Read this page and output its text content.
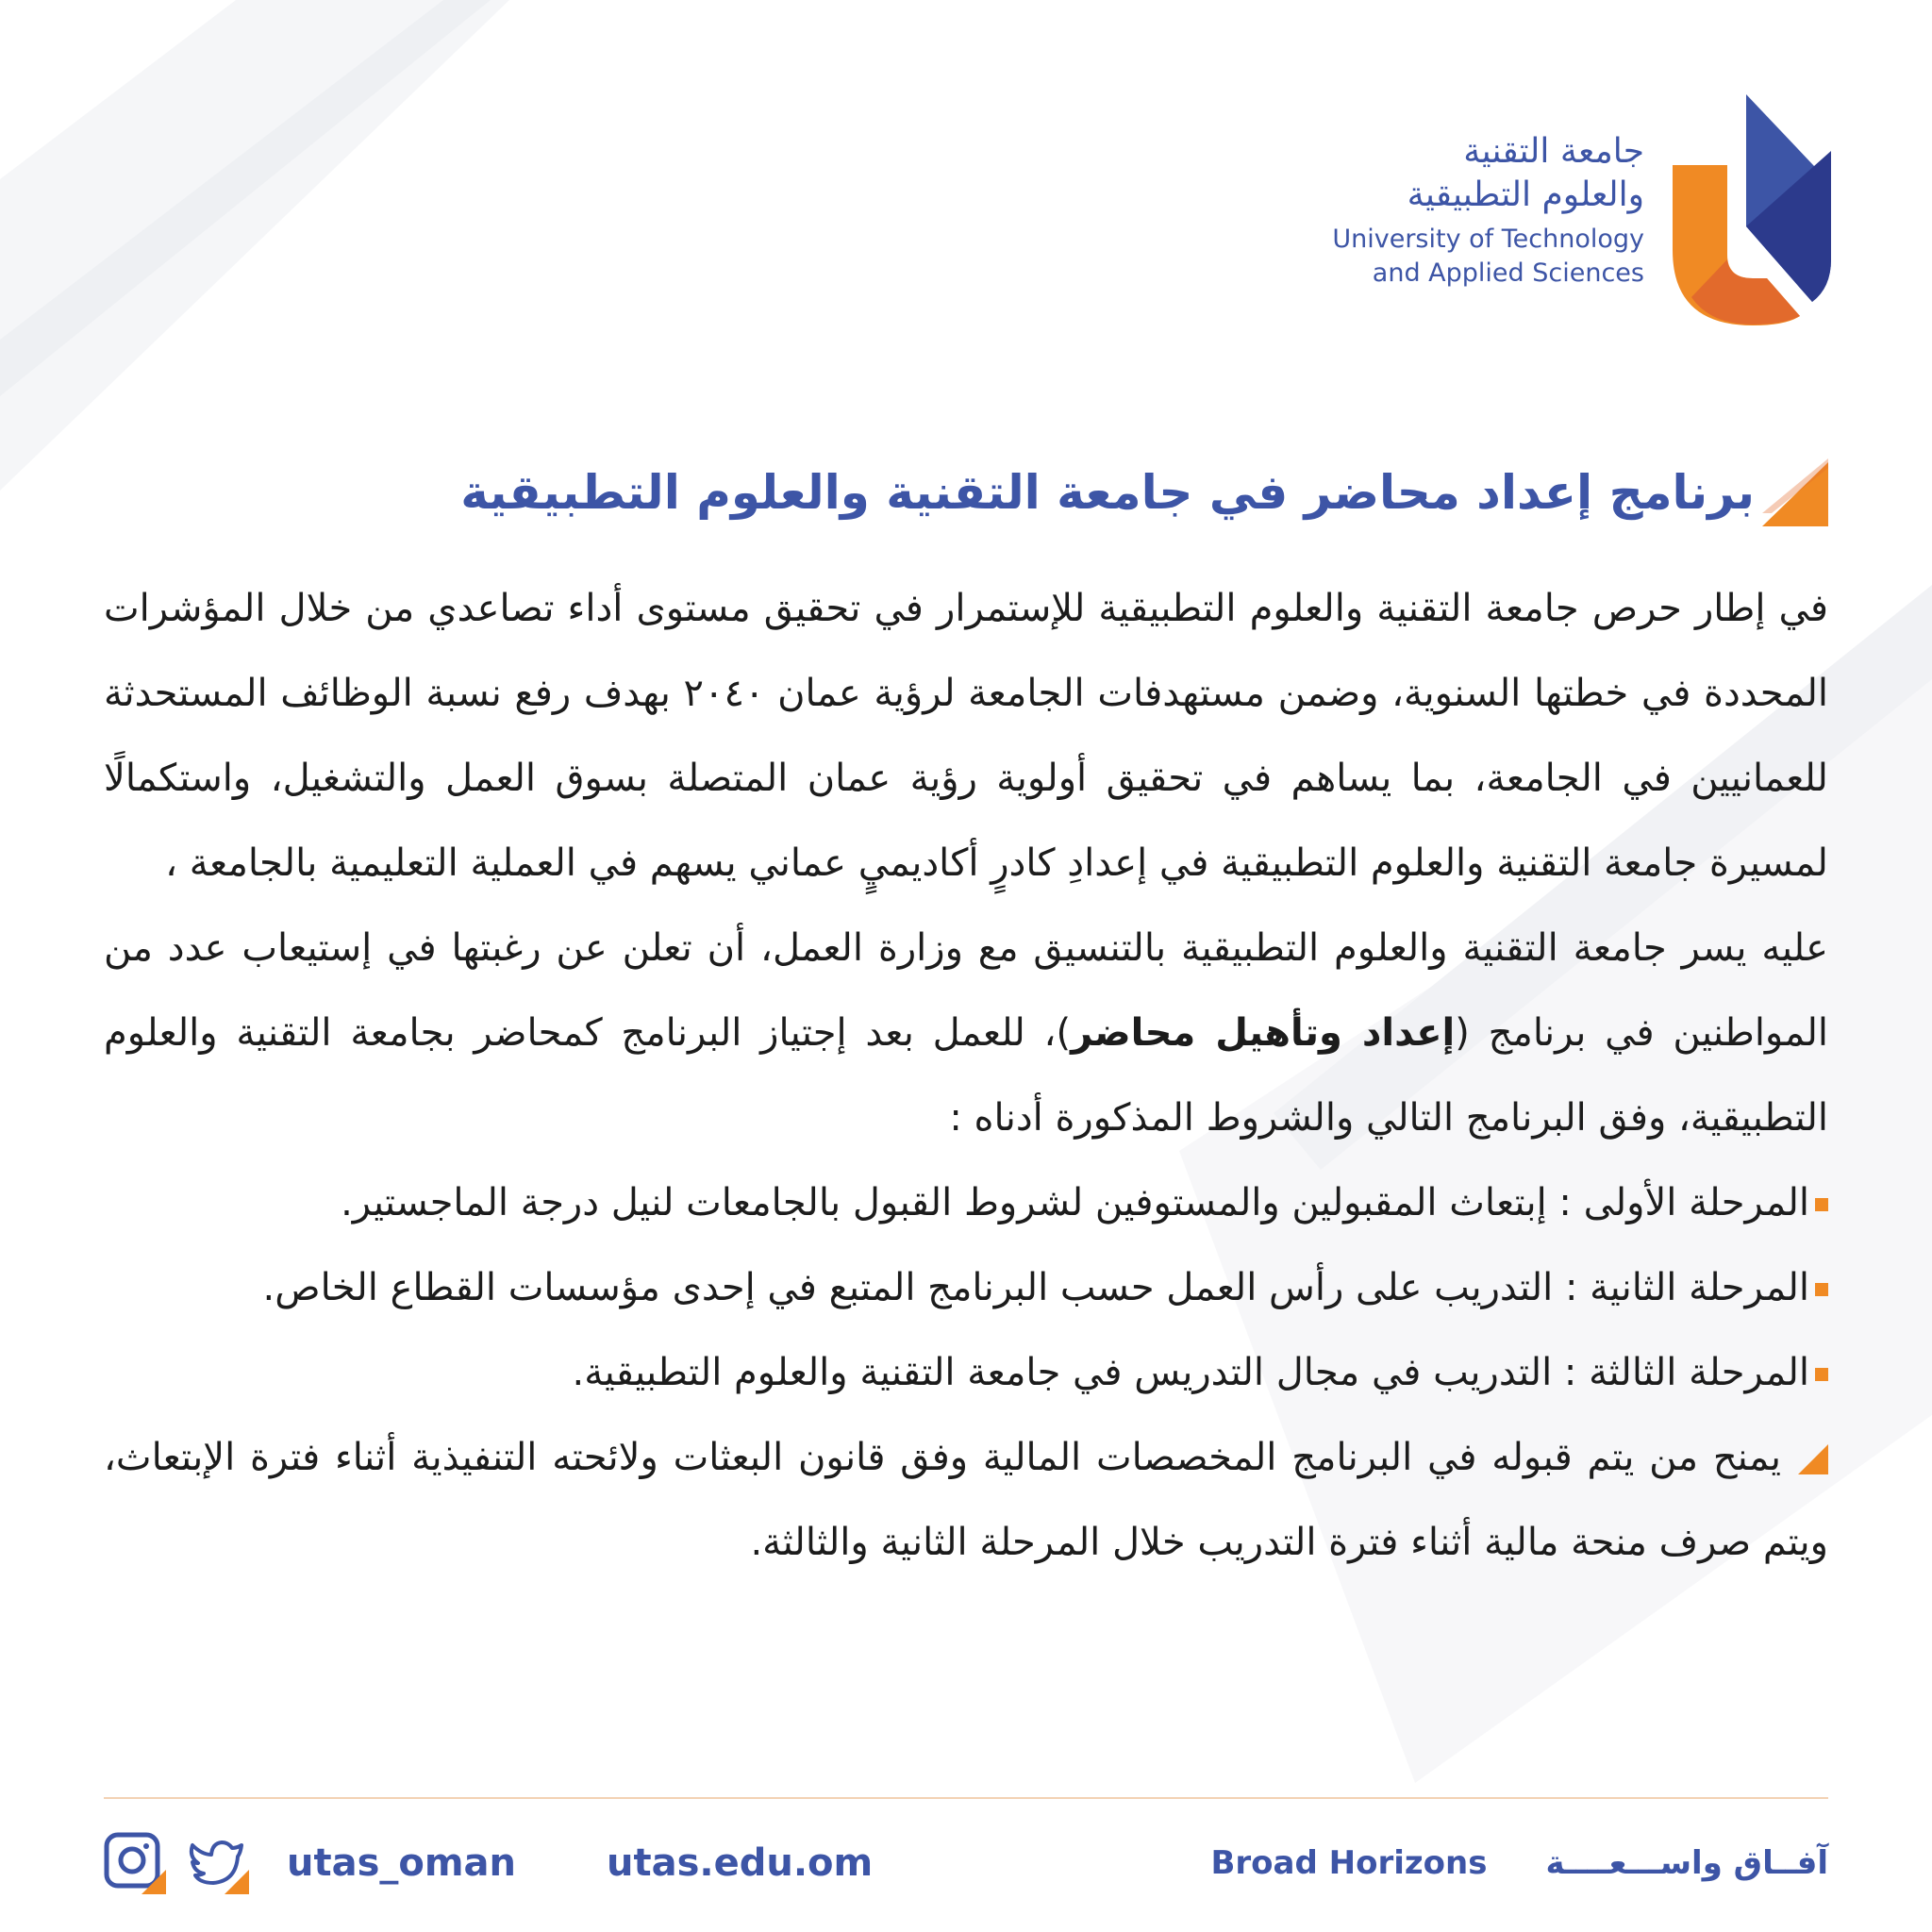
جامعة التقنية
والعلوم التطبيقية
University of Technology
and Applied Sciences
برنامج إعداد محاضر في جامعة التقنية والعلوم التطبيقية

في إطار حرص جامعة التقنية والعلوم التطبيقية للإستمرار في تحقيق مستوى أداء تصاعدي من خلال المؤشرات المحددة في خطتها السنوية، وضمن مستهدفات الجامعة لرؤية عمان ٢٠٤٠ بهدف رفع نسبة الوظائف المستحدثة للعمانيين في الجامعة، بما يساهم في تحقيق أولوية رؤية عمان المتصلة بسوق العمل والتشغيل، واستكمالًا لمسيرة جامعة التقنية والعلوم التطبيقية في إعدادِ كادرٍ أكاديميٍ عماني يسهم في العملية التعليمية بالجامعة ،

عليه يسر جامعة التقنية والعلوم التطبيقية بالتنسيق مع وزارة العمل، أن تعلن عن رغبتها في إستيعاب عدد من المواطنين في برنامج (إعداد وتأهيل محاضر)، للعمل بعد إجتياز البرنامج كمحاضر بجامعة التقنية والعلوم التطبيقية، وفق البرنامج التالي والشروط المذكورة أدناه :

المرحلة الأولى : إبتعاث المقبولين والمستوفين لشروط القبول بالجامعات لنيل درجة الماجستير.

المرحلة الثانية : التدريب على رأس العمل حسب البرنامج المتبع في إحدى مؤسسات القطاع الخاص.

المرحلة الثالثة : التدريب في مجال التدريس في جامعة التقنية والعلوم التطبيقية.

يمنح من يتم قبوله في البرنامج المخصصات المالية وفق قانون البعثات ولائحته التنفيذية أثناء فترة الإبتعاث، ويتم صرف منحة مالية أثناء فترة التدريب خلال المرحلة الثانية والثالثة.

utas_oman utas.edu.om	Broad Horizons آفــاق واســـعــــة
